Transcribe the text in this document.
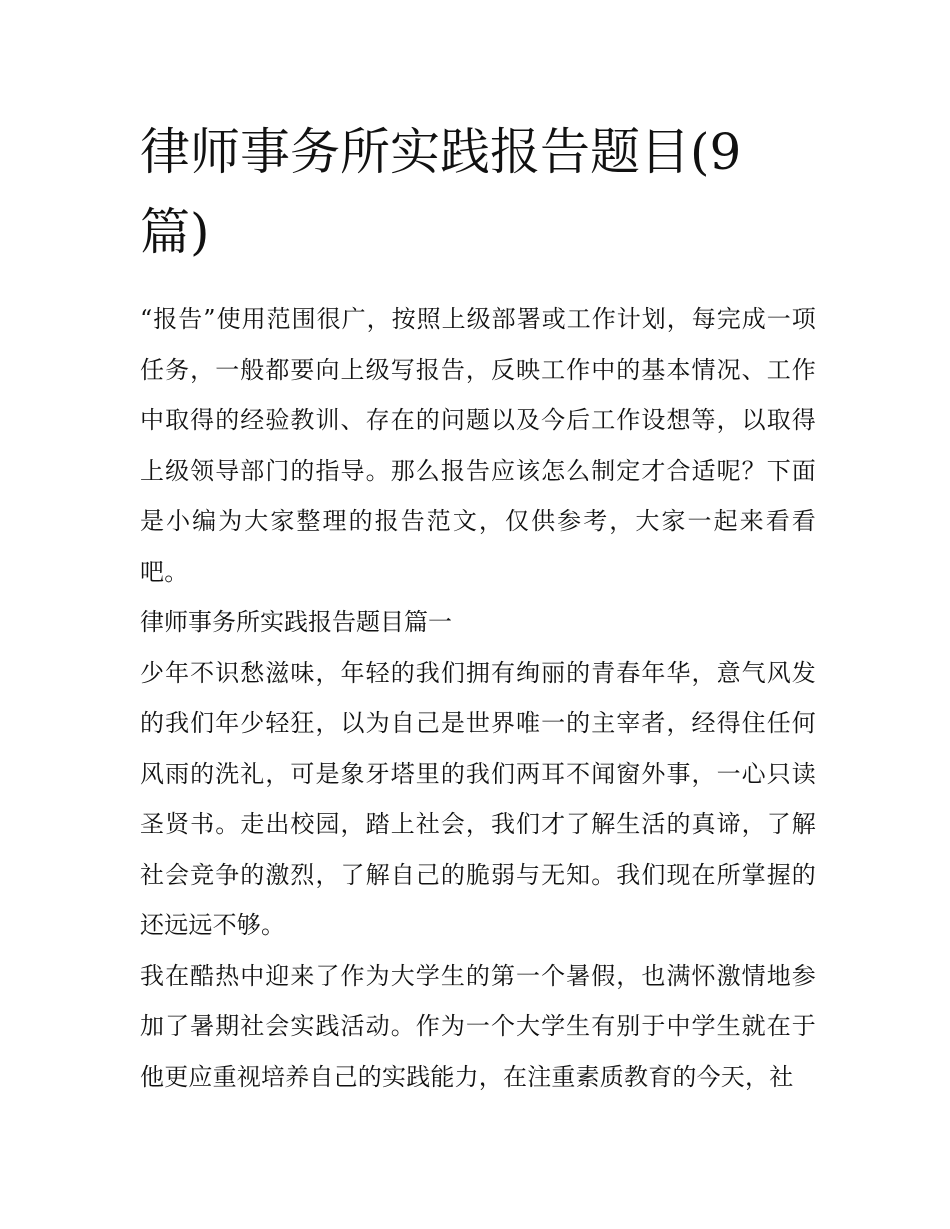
律师事务所实践报告题目(9
篇)

“报告”使用范围很广，按照上级部署或工作计划，每完成一项任务，一般都要向上级写报告，反映工作中的基本情况、工作中取得的经验教训、存在的问题以及今后工作设想等，以取得上级领导部门的指导。那么报告应该怎么制定才合适呢？下面是小编为大家整理的报告范文，仅供参考，大家一起来看看吧。

律师事务所实践报告题目篇一

少年不识愁滋味，年轻的我们拥有绚丽的青春年华，意气风发的我们年少轻狂，以为自己是世界唯一的主宰者，经得住任何风雨的洗礼，可是象牙塔里的我们两耳不闻窗外事，一心只读圣贤书。走出校园，踏上社会，我们才了解生活的真谛，了解社会竞争的激烈，了解自己的脆弱与无知。我们现在所掌握的还远远不够。

我在酷热中迎来了作为大学生的第一个暑假，也满怀激情地参加了暑期社会实践活动。作为一个大学生有别于中学生就在于他更应重视培养自己的实践能力，在注重素质教育的今天，社
